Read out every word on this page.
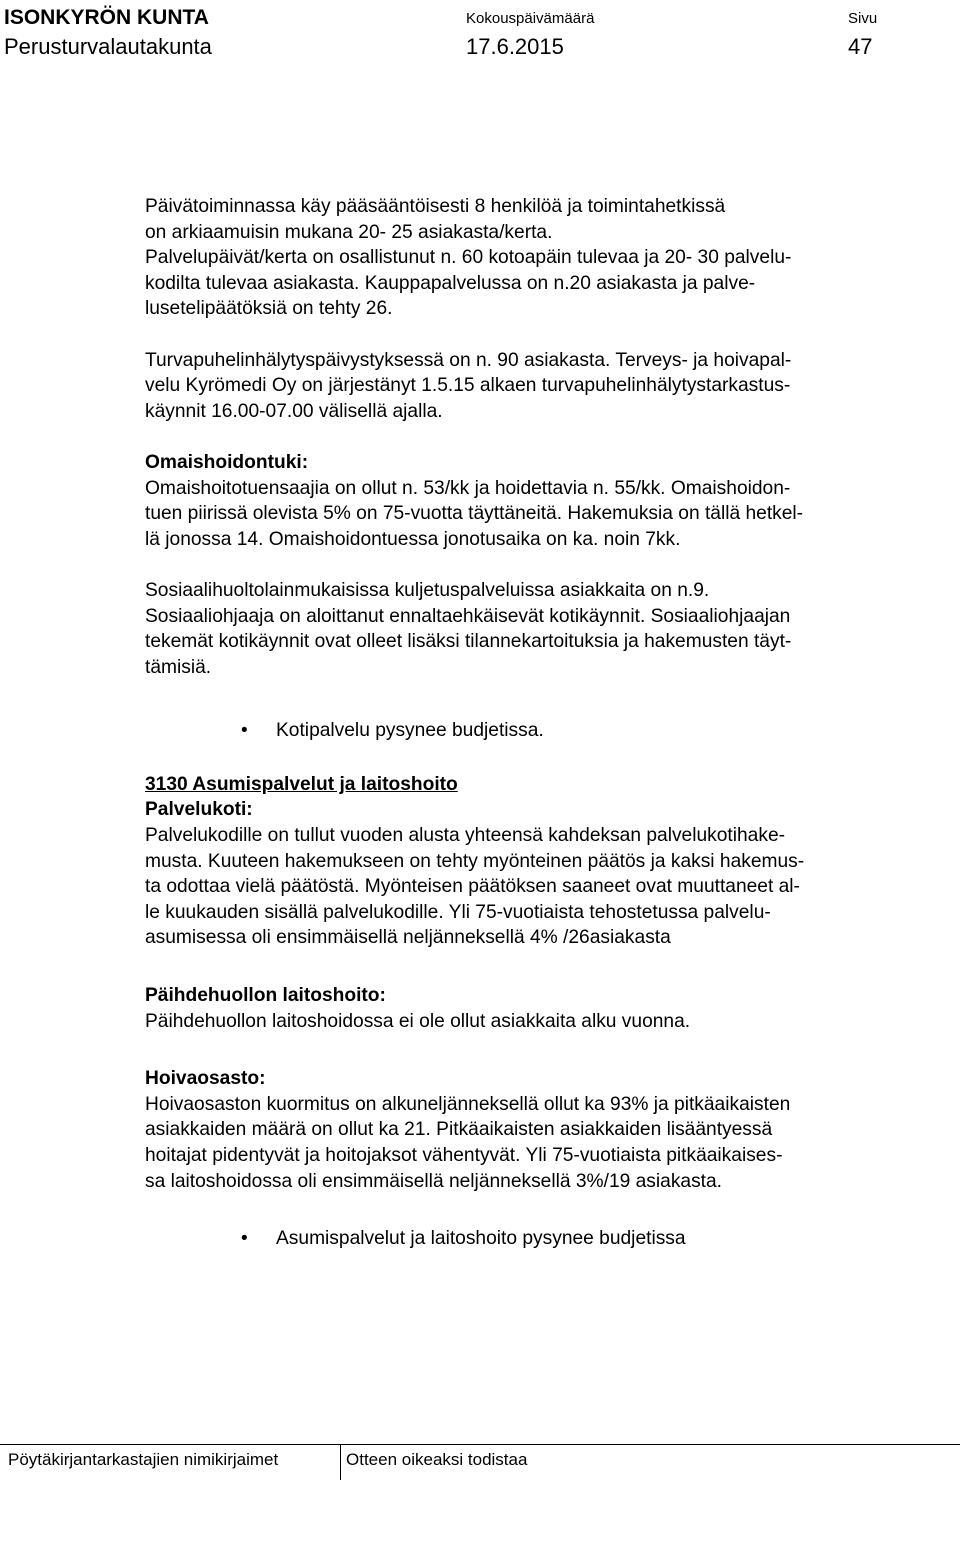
ISONKYRÖN KUNTA
Perusturvalautakunta
Kokouspäivämäärä
17.6.2015
Sivu
47

Päivätoiminnassa käy pääsääntöisesti 8 henkilöä ja toimintahetkissä

on arkiaamuisin mukana 20- 25 asiakasta/kerta.

Palvelupäivät/kerta on osallistunut n. 60 kotoapäin tulevaa ja 20- 30 palvelu-

kodilta tulevaa asiakasta. Kauppapalvelussa on n.20 asiakasta ja palve-

lusetelipäätöksiä on tehty 26.

Turvapuhelinhälytyspäivystyksessä on n. 90 asiakasta. Terveys- ja hoivapal-

velu Kyrömedi Oy on järjestänyt 1.5.15 alkaen turvapuhelinhälytystarkastus-

käynnit 16.00-07.00 välisellä ajalla.

Omaishoidontuki:

Omaishoitotuensaajia on ollut n. 53/kk ja hoidettavia n. 55/kk. Omaishoidon-

tuen piirissä olevista 5% on 75-vuotta täyttäneitä. Hakemuksia on tällä hetkel-

lä jonossa 14. Omaishoidontuessa jonotusaika on ka. noin 7kk.

Sosiaalihuoltolainmukaisissa kuljetuspalveluissa asiakkaita on n.9.

Sosiaaliohjaaja on aloittanut ennaltaehkäisevät kotikäynnit. Sosiaaliohjaajan

tekemät kotikäynnit ovat olleet lisäksi tilannekartoituksia ja hakemusten täyt-

tämisiä.

• Kotipalvelu pysynee budjetissa.

3130 Asumispalvelut ja laitoshoito

Palvelukoti:

Palvelukodille on tullut vuoden alusta yhteensä kahdeksan palvelukotihake-

musta. Kuuteen hakemukseen on tehty myönteinen päätös ja kaksi hakemus-

ta odottaa vielä päätöstä. Myönteisen päätöksen saaneet ovat muuttaneet al-

le kuukauden sisällä palvelukodille. Yli 75-vuotiaista tehostetussa palvelu-

asumisessa oli ensimmäisellä neljänneksellä 4% /26asiakasta

Päihdehuollon laitoshoito:

Päihdehuollon laitoshoidossa ei ole ollut asiakkaita alku vuonna.

Hoivaosasto:

Hoivaosaston kuormitus on alkuneljänneksellä ollut ka 93% ja pitkäaikaisten

asiakkaiden määrä on ollut ka 21. Pitkäaikaisten asiakkaiden lisääntyessä

hoitajat pidentyvät ja hoitojaksot vähentyvät. Yli 75-vuotiaista pitkäaikaises-

sa laitoshoidossa oli ensimmäisellä neljänneksellä 3%/19 asiakasta.

• Asumispalvelut ja laitoshoito pysynee budjetissa

Pöytäkirjantarkastajien nimikirjaimet	Otteen oikeaksi todistaa
